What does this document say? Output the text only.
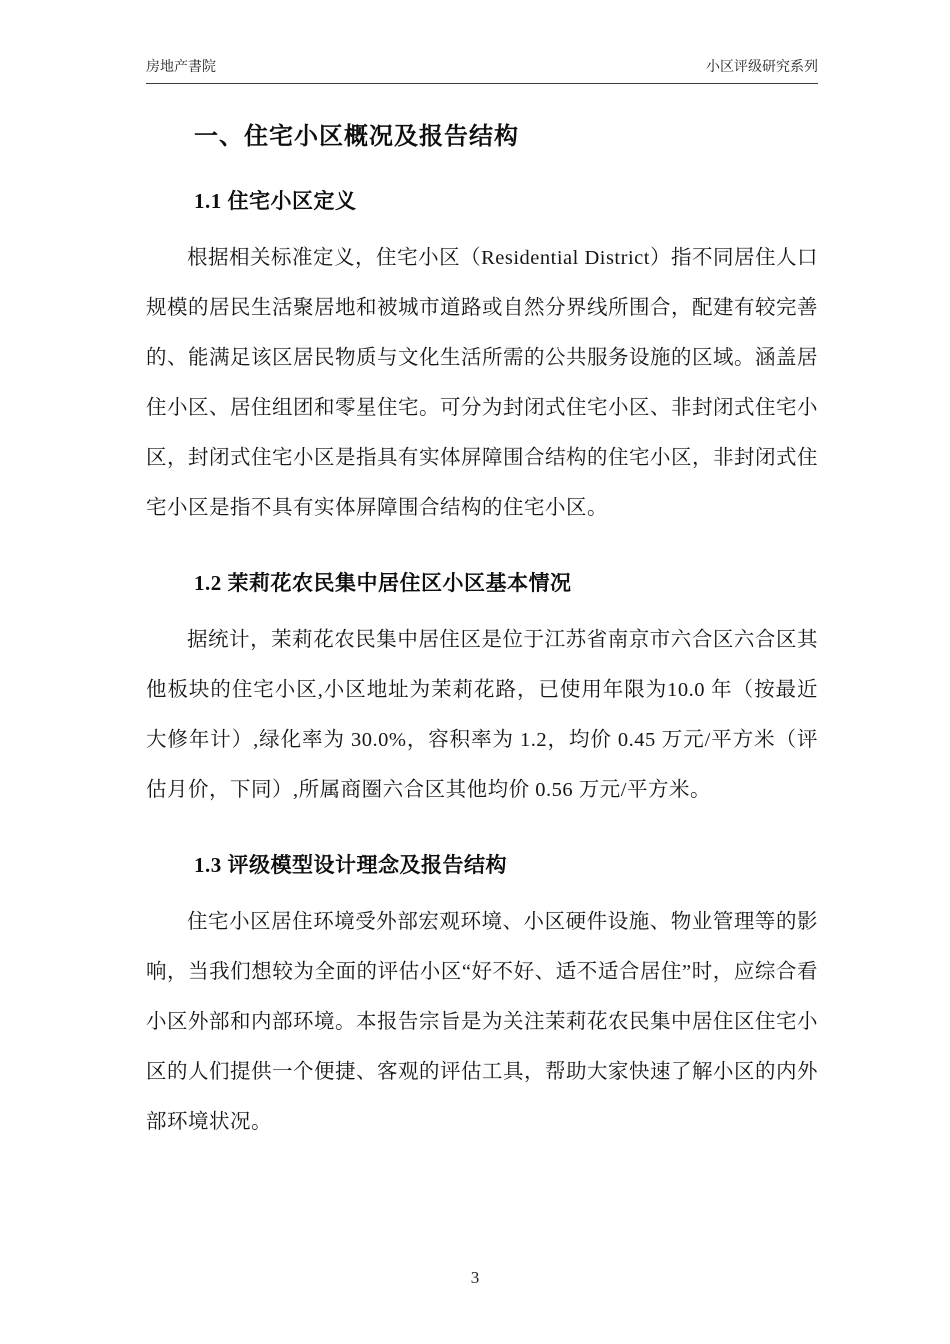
房地产書院	小区评级研究系列
一、住宅小区概况及报告结构
1.1 住宅小区定义

根据相关标准定义，住宅小区（Residential District）指不同居住人口规模的居民生活聚居地和被城市道路或自然分界线所围合，配建有较完善的、能满足该区居民物质与文化生活所需的公共服务设施的区域。涵盖居住小区、居住组团和零星住宅。可分为封闭式住宅小区、非封闭式住宅小区，封闭式住宅小区是指具有实体屏障围合结构的住宅小区，非封闭式住宅小区是指不具有实体屏障围合结构的住宅小区。

1.2 茉莉花农民集中居住区小区基本情况

据统计，茉莉花农民集中居住区是位于江苏省南京市六合区六合区其他板块的住宅小区,小区地址为茉莉花路，已使用年限为10.0 年（按最近大修年计）,绿化率为 30.0%，容积率为 1.2，均价 0.45 万元/平方米（评估月价，下同）,所属商圈六合区其他均价 0.56 万元/平方米。

1.3 评级模型设计理念及报告结构

住宅小区居住环境受外部宏观环境、小区硬件设施、物业管理等的影响，当我们想较为全面的评估小区“好不好、适不适合居住”时，应综合看小区外部和内部环境。本报告宗旨是为关注茉莉花农民集中居住区住宅小区的人们提供一个便捷、客观的评估工具，帮助大家快速了解小区的内外部环境状况。

3
